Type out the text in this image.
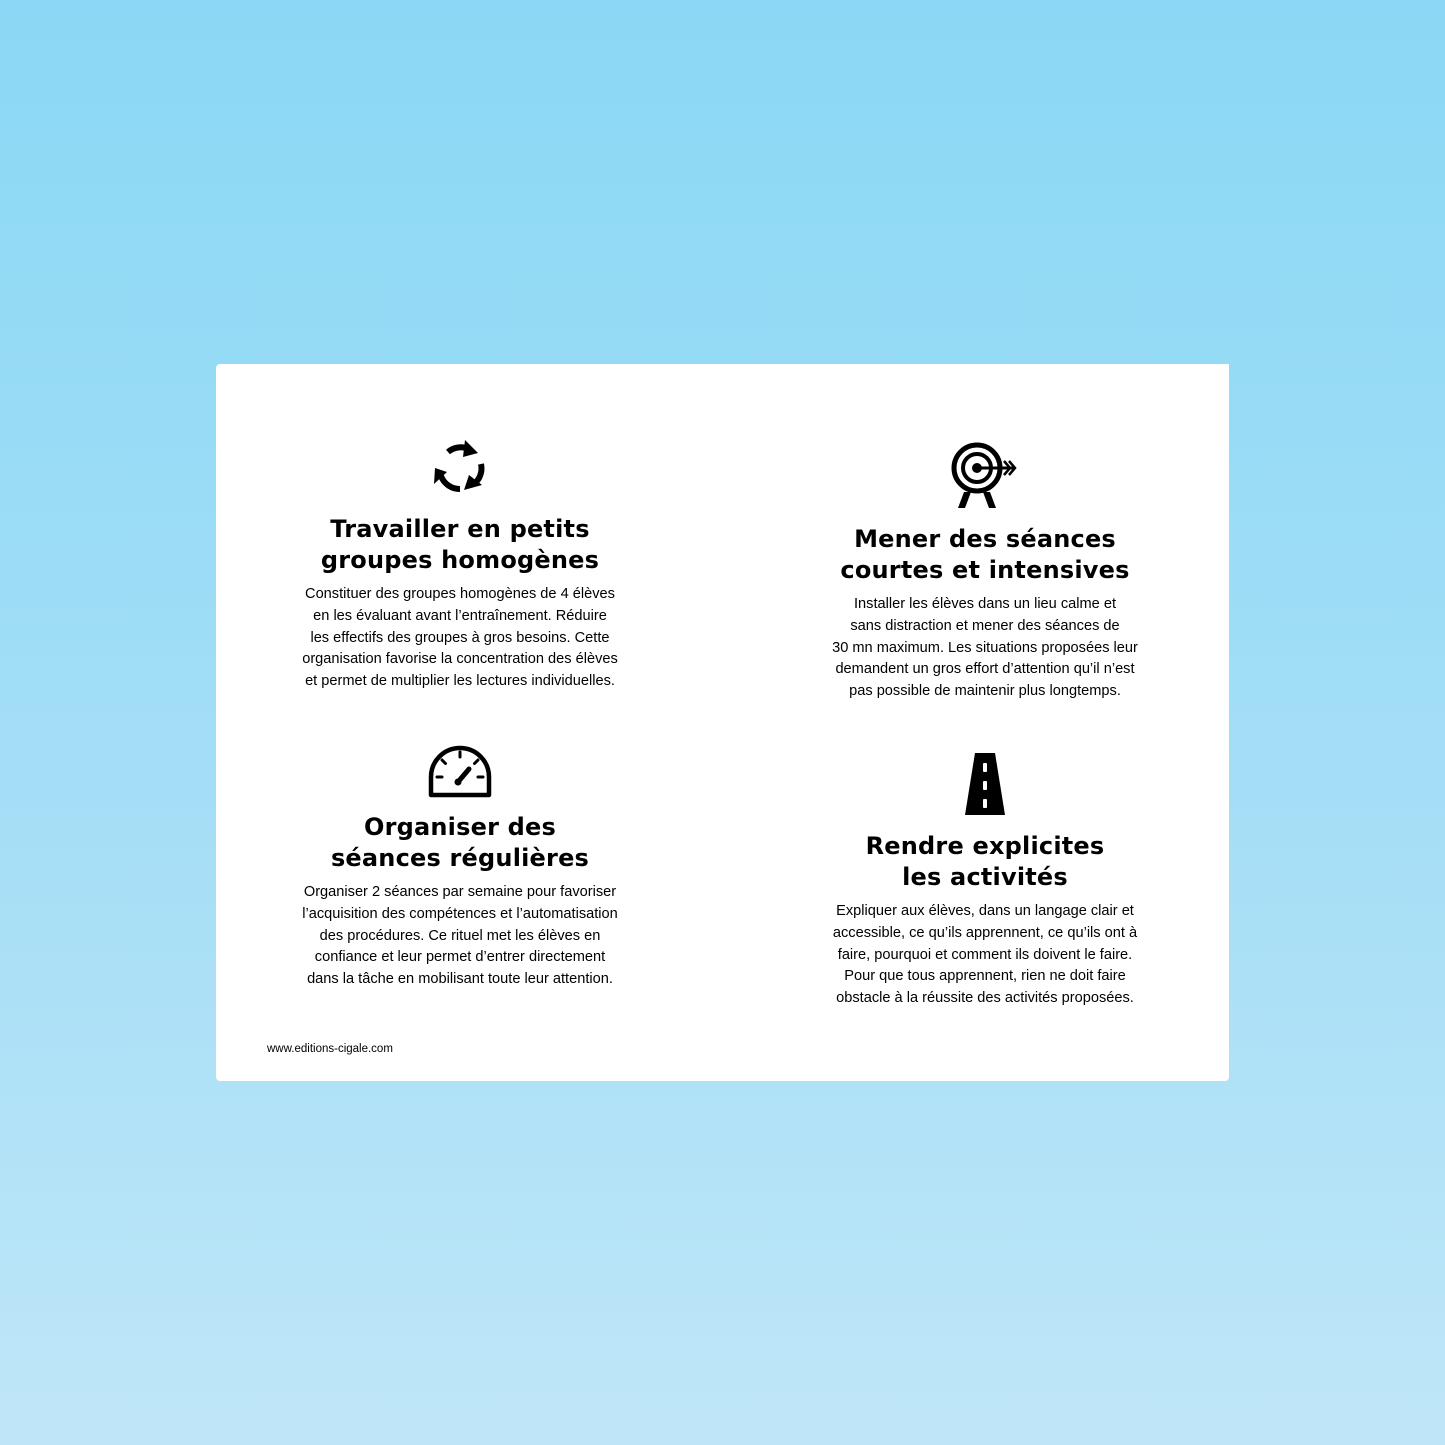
Travailler en petits
groupes homogènes

Constituer des groupes homogènes de 4 élèves
en les évaluant avant l’entraînement. Réduire
les effectifs des groupes à gros besoins. Cette
organisation favorise la concentration des élèves
et permet de multiplier les lectures individuelles.

Mener des séances
courtes et intensives

Installer les élèves dans un lieu calme et
sans distraction et mener des séances de
30 mn maximum. Les situations proposées leur
demandent un gros effort d’attention qu’il n’est
pas possible de maintenir plus longtemps.

Organiser des
séances régulières

Organiser 2 séances par semaine pour favoriser
l’acquisition des compétences et l’automatisation
des procédures. Ce rituel met les élèves en
confiance et leur permet d’entrer directement
dans la tâche en mobilisant toute leur attention.

Rendre explicites
les activités

Expliquer aux élèves, dans un langage clair et
accessible, ce qu’ils apprennent, ce qu’ils ont à
faire, pourquoi et comment ils doivent le faire.
Pour que tous apprennent, rien ne doit faire
obstacle à la réussite des activités proposées.

www.editions-cigale.com
